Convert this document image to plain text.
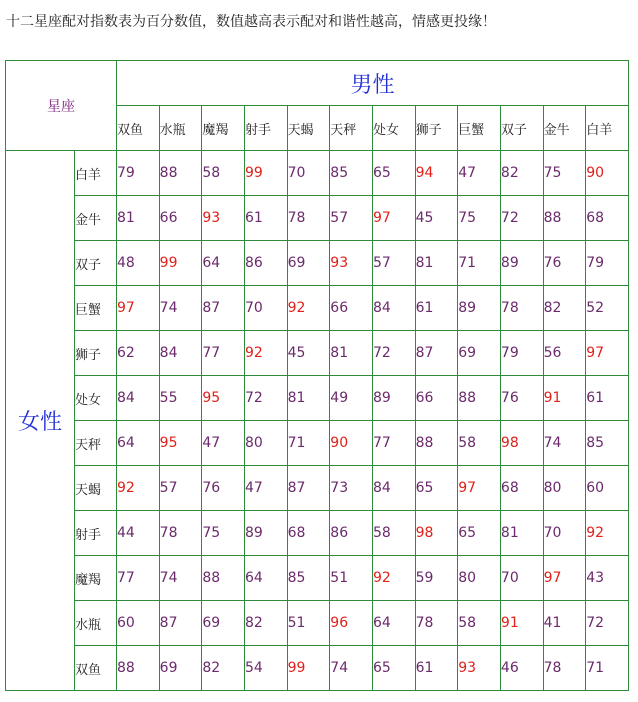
十二星座配对指数表为百分数值，数值越高表示配对和谐性越高，情感更投缘！
星座		男性											
		双鱼	水瓶	魔羯	射手	天蝎	天秤	处女	狮子	巨蟹	双子	金牛	白羊
女性	白羊	79	88	58	99	70	85	65	94	47	82	75	90
	金牛	81	66	93	61	78	57	97	45	75	72	88	68
	双子	48	99	64	86	69	93	57	81	71	89	76	79
	巨蟹	97	74	87	70	92	66	84	61	89	78	82	52
	狮子	62	84	77	92	45	81	72	87	69	79	56	97
	处女	84	55	95	72	81	49	89	66	88	76	91	61
	天秤	64	95	47	80	71	90	77	88	58	98	74	85
	天蝎	92	57	76	47	87	73	84	65	97	68	80	60
	射手	44	78	75	89	68	86	58	98	65	81	70	92
	魔羯	77	74	88	64	85	51	92	59	80	70	97	43
	水瓶	60	87	69	82	51	96	64	78	58	91	41	72
	双鱼	88	69	82	54	99	74	65	61	93	46	78	71
